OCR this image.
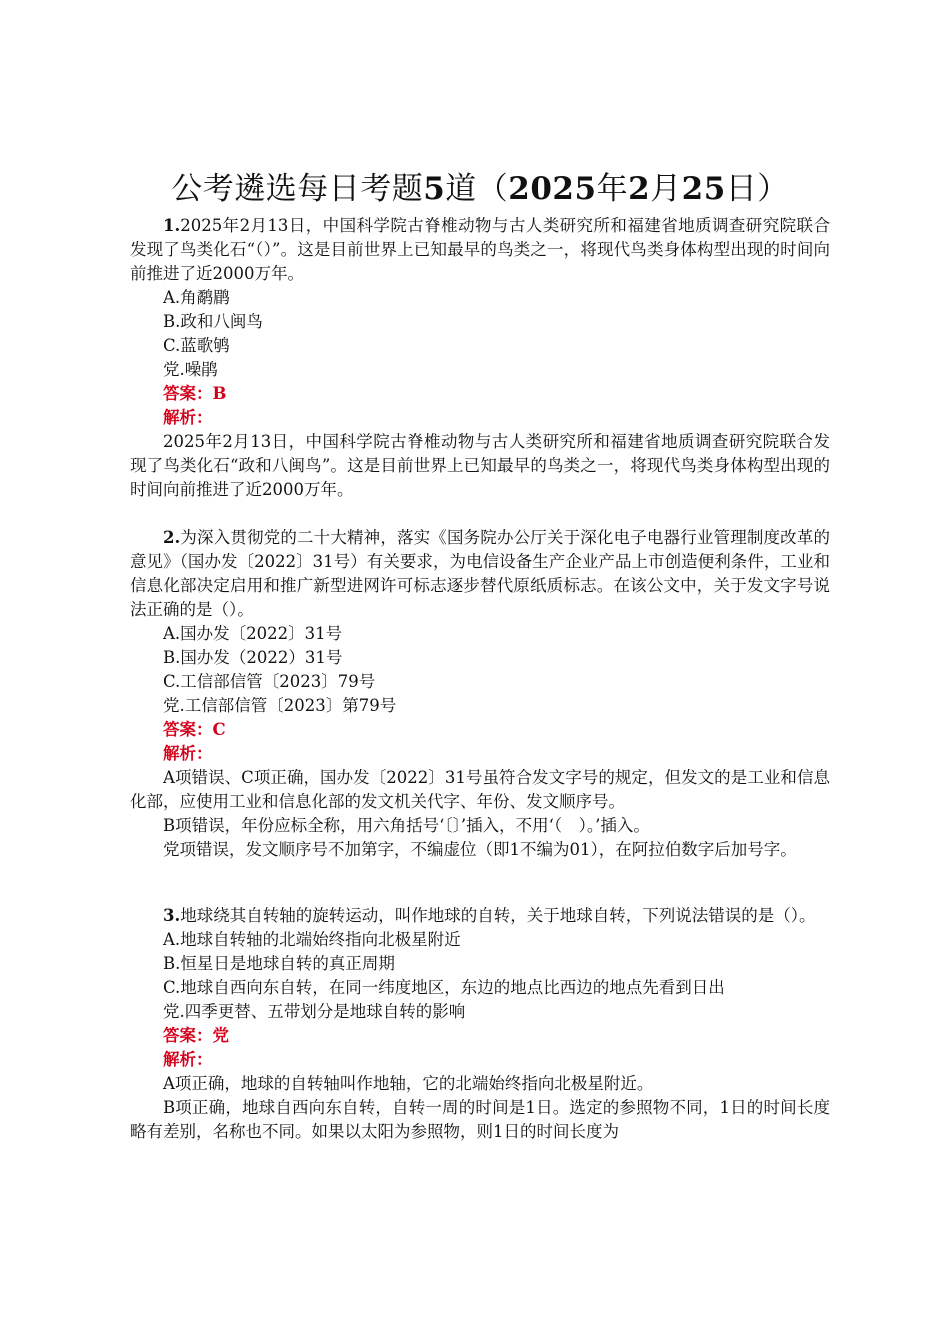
公考遴选每日考题5道（2025年2月25日）

1.2025年2月13日，中国科学院古脊椎动物与古人类研究所和福建省地质调查研究院联合发现了鸟类化石“（）”。这是目前世界上已知最早的鸟类之一，将现代鸟类身体构型出现的时间向前推进了近2000万年。

A.角鹬鹛

B.政和八闽鸟

C.蓝歌鸲

党.噪鹃

答案：B

解析：

2025年2月13日，中国科学院古脊椎动物与古人类研究所和福建省地质调查研究院联合发现了鸟类化石“政和八闽鸟”。这是目前世界上已知最早的鸟类之一，将现代鸟类身体构型出现的时间向前推进了近2000万年。

2.为深入贯彻党的二十大精神，落实《国务院办公厅关于深化电子电器行业管理制度改革的意见》（国办发〔2022〕31号）有关要求，为电信设备生产企业产品上市创造便利条件，工业和信息化部决定启用和推广新型进网许可标志逐步替代原纸质标志。在该公文中，关于发文字号说法正确的是（）。

A.国办发〔2022〕31号

B.国办发（2022）31号

C.工信部信管〔2023〕79号

党.工信部信管〔2023〕第79号

答案：C

解析：

A项错误、C项正确，国办发〔2022〕31号虽符合发文字号的规定，但发文的是工业和信息化部，应使用工业和信息化部的发文机关代字、年份、发文顺序号。

B项错误，年份应标全称，用六角括号‘〔〕’插入，不用‘（　）。’插入。

党项错误，发文顺序号不加第字，不编虚位（即1不编为01），在阿拉伯数字后加号字。

3.地球绕其自转轴的旋转运动，叫作地球的自转，关于地球自转，下列说法错误的是（）。

A.地球自转轴的北端始终指向北极星附近

B.恒星日是地球自转的真正周期

C.地球自西向东自转，在同一纬度地区，东边的地点比西边的地点先看到日出

党.四季更替、五带划分是地球自转的影响

答案：党

解析：

A项正确，地球的自转轴叫作地轴，它的北端始终指向北极星附近。

B项正确，地球自西向东自转，自转一周的时间是1日。选定的参照物不同，1日的时间长度略有差别，名称也不同。如果以太阳为参照物，则1日的时间长度为
